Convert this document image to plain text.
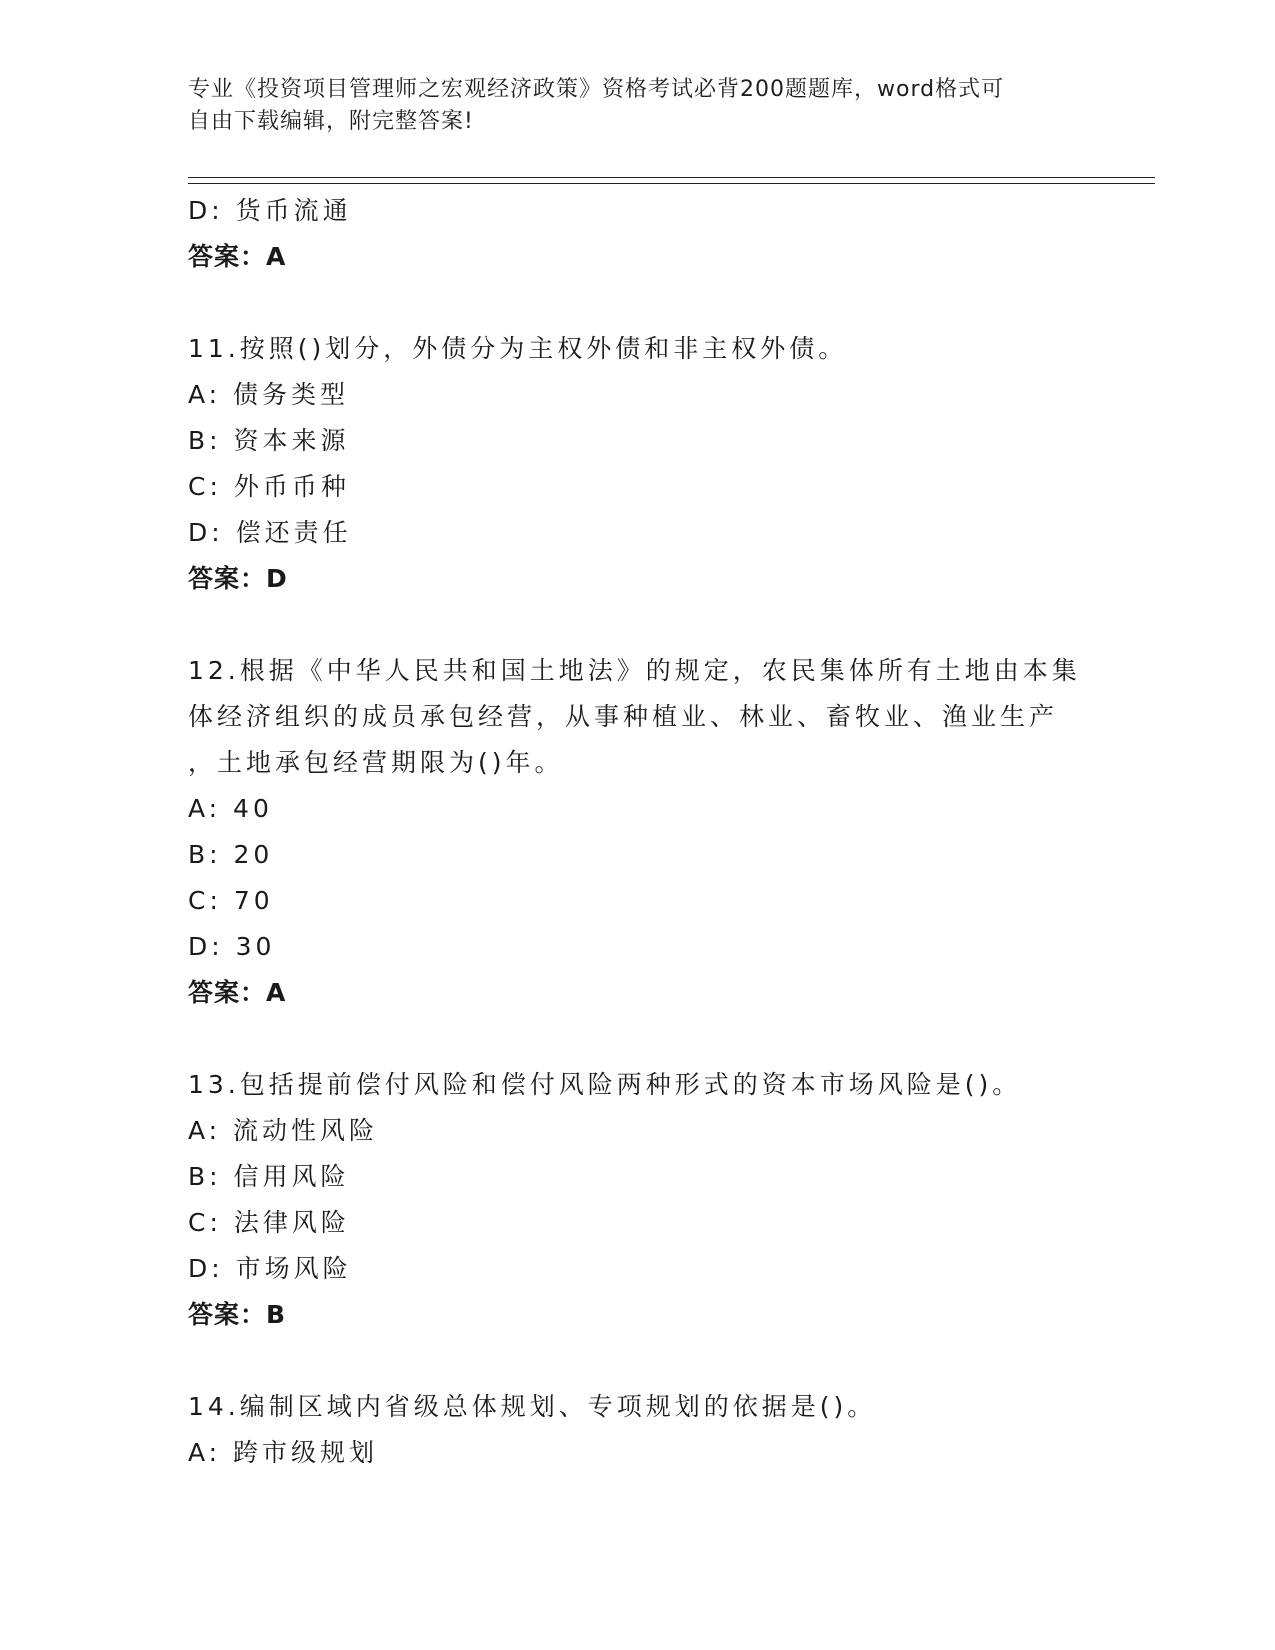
专业《投资项目管理师之宏观经济政策》资格考试必背200题题库，word格式可
自由下载编辑，附完整答案!
D: 货币流通
答案：A
11.按照()划分，外债分为主权外债和非主权外债。
A: 债务类型
B: 资本来源
C: 外币币种
D: 偿还责任
答案：D
12.根据《中华人民共和国土地法》的规定，农民集体所有土地由本集
体经济组织的成员承包经营，从事种植业、林业、畜牧业、渔业生产
，土地承包经营期限为()年。
A: 40
B: 20
C: 70
D: 30
答案：A
13.包括提前偿付风险和偿付风险两种形式的资本市场风险是()。
A: 流动性风险
B: 信用风险
C: 法律风险
D: 市场风险
答案：B
14.编制区域内省级总体规划、专项规划的依据是()。
A: 跨市级规划
